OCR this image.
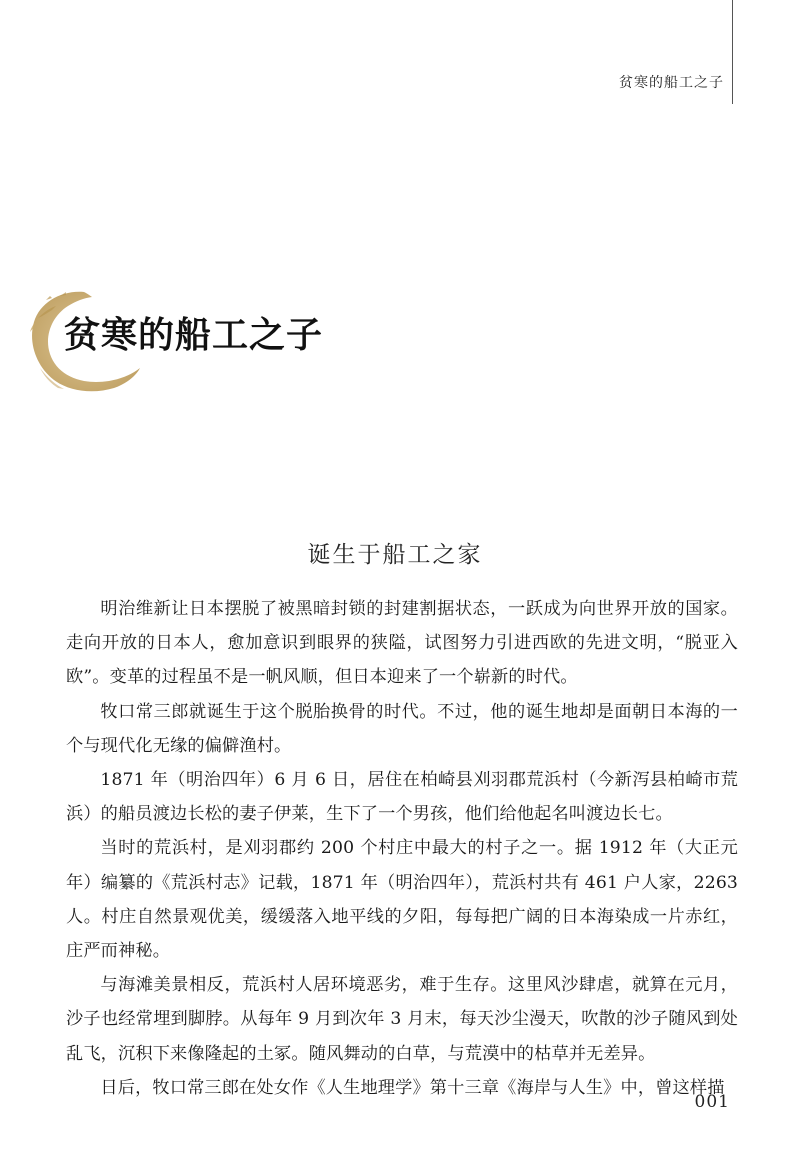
贫寒的船工之子
贫寒的船工之子
诞生于船工之家

明治维新让日本摆脱了被黑暗封锁的封建割据状态，一跃成为向世界开放的国家。走向开放的日本人，愈加意识到眼界的狭隘，试图努力引进西欧的先进文明，“脱亚入欧”。变革的过程虽不是一帆风顺，但日本迎来了一个崭新的时代。

牧口常三郎就诞生于这个脱胎换骨的时代。不过，他的诞生地却是面朝日本海的一个与现代化无缘的偏僻渔村。

1871 年（明治四年）6 月 6 日，居住在柏崎县刈羽郡荒浜村（今新泻县柏崎市荒浜）的船员渡边长松的妻子伊莱，生下了一个男孩，他们给他起名叫渡边长七。

当时的荒浜村，是刈羽郡约 200 个村庄中最大的村子之一。据 1912 年（大正元年）编纂的《荒浜村志》记载，1871 年（明治四年），荒浜村共有 461 户人家，2263 人。村庄自然景观优美，缓缓落入地平线的夕阳，每每把广阔的日本海染成一片赤红，庄严而神秘。

与海滩美景相反，荒浜村人居环境恶劣，难于生存。这里风沙肆虐，就算在元月，沙子也经常埋到脚脖。从每年 9 月到次年 3 月末，每天沙尘漫天，吹散的沙子随风到处乱飞，沉积下来像隆起的土冢。随风舞动的白草，与荒漠中的枯草并无差异。

日后，牧口常三郎在处女作《人生地理学》第十三章《海岸与人生》中，曾这样描

001
